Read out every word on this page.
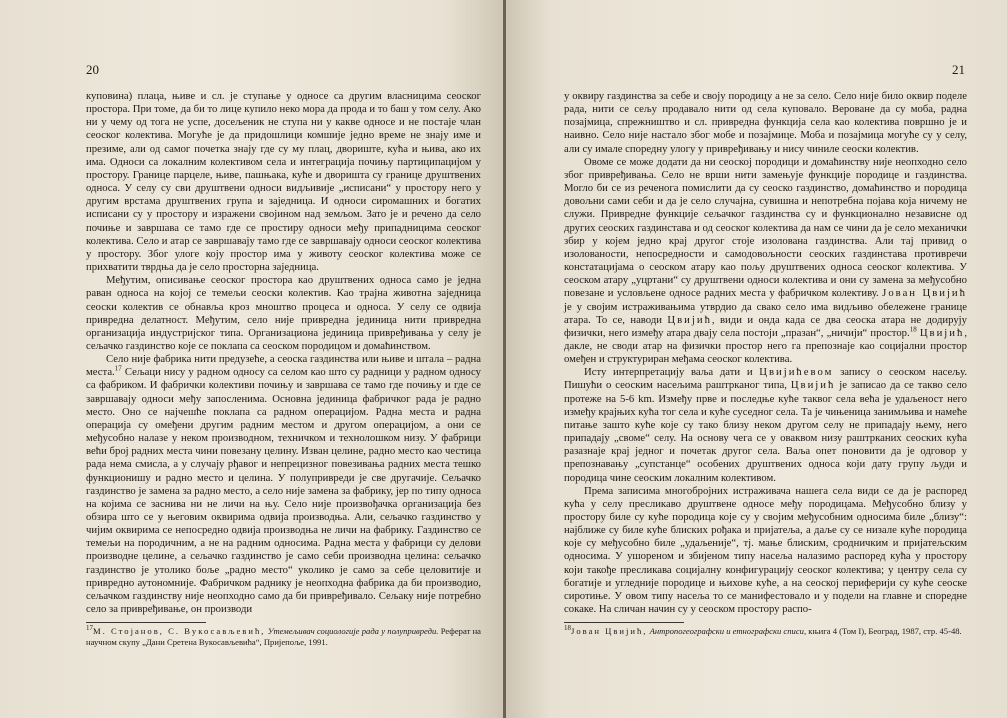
20

куповина) плаца, њиве и сл. је ступање у односе са другим власницима сеоског простора. При томе, да би то лице купило неко мора да прода и то баш у том селу. Ако ни у чему од тога не успе, досељеник не ступа ни у какве односе и не постаје члан сеоског колектива. Могуће је да придошлици комшије једно време не знају име и презиме, али од самог почетка знају где су му плац, двориште, кућа и њива, ако их има. Односи са локалним колективом села и интеграција почињу партиципацијом у простору. Границе парцеле, њиве, пашњака, куће и дворишта су границе друштвених односа. У селу су сви друштвени односи видљивије „исписани“ у простору него у другим врстама друштвених група и заједница. И односи сиромашних и богатих исписани су у простору и изражени својином над земљом. Зато је и речено да село почиње и завршава се тамо где се простиру односи међу припадницима сеоског колектива. Село и атар се завршавају тамо где се завршавају односи сеоског колектива у простору. Због улоге коју простор има у животу сеоског колектива може се прихватити тврдња да је село просторна заједница.

Међутим, описивање сеоског простора као друштвених односа само је једна раван односа на којој се темељи сеоски колектив. Као трајна животна заједница сеоски колектив се обнавља кроз мноштво процеса и односа. У селу се одвија привредна делатност. Међутим, село није привредна јединица нити привредна организација индустријског типа. Организациона јединица привређивања у селу је сељачко газдинство које се поклапа са сеоском породицом и домаћинством.

Село није фабрика нити предузеће, а сеоска газдинства или њиве и штала – радна места.$^{17}$ Сељаци нису у радном односу са селом као што су радници у радном односу са фабриком. И фабрички колективи почињу и завршава се тамо где почињу и где се завршавају односи међу запосленима. Основна јединица фабричког рада је радно место. Оно се најчешће поклапа са радном операцијом. Радна места и радна операција су омеђени другим радним местом и другом операцијом, а они се међусобно налазе у неком производном, техничком и технолошком низу. У фабрици већи број радних места чини повезану целину. Изван целине, радно место као честица рада нема смисла, а у случају рђавог и непрецизног повезивања радних места тешко функционишу и радно место и целина. У полупривреди је све другачије. Сељачко газдинство је замена за радно место, а село није замена за фабрику, јер по типу односа на којима се заснива ни не личи на њу. Село није произвођачка организација без обзира што се у његовим оквирима одвија производња. Али, сељачко газдинство у чијим оквирима се непосредно одвија производња не личи на фабрику. Газдинство се темељи на породичним, а не на радним односима. Радна места у фабрици су делови производне целине, а сељачко газдинство је само себи производна целина: сељачко газдинство је утолико боље „радно место“ уколико је само за себе целовитије и привредно аутономније. Фабричком раднику је неопходна фабрика да би производио, сељачком газдинству није неопходно само да би привређивало. Сељаку није потребно село за привређивање, он производи

$^{17}$М. Стојанов, С. Вукосављевић, Утемељивач социологије рада у полупривреди. Реферат на научном скупу „Дани Сретена Вукосављевића“, Пријепоље, 1991.

21

у оквиру газдинства за себе и своју породицу а не за село. Село није било оквир поделе рада, нити се сељу продавало нити од села куповало. Вероване да су моба, радна позајмица, спрежништво и сл. привредна функција села као колектива површно је и наивно. Село није настало због мобе и позајмице. Моба и позајмица могуће су у селу, али су имале споредну улогу у привређивању и нису чиниле сеоски колектив.

Овоме се може додати да ни сеоској породици и домаћинству није неопходно село због привређивања. Село не врши нити замењује функције породице и газдинства. Могло би се из реченога помислити да су сеоско газдинство, домаћинство и породица довољни сами себи и да је село случајна, сувишна и непотребна појава која ничему не служи. Привредне функције сељачког газдинства су и функционално независне од других сеоских газдинстава и од сеоског колектива да нам се чини да је село механички збир у којем једно крај другог стоје изолована газдинства. Али тај привид о изолованости, непосредности и самодовољности сеоских газдинстава противречи констатацијама о сеоском атару као пољу друштвених односа сеоског колектива. У сеоском атару „уцртани“ су друштвени односи колектива и они су замена за међусобно повезане и условљене односе радних места у фабричком колективу. Јован Цвијић је у своjим истраживањима утврдио да свако село има видљиво обележене границе атара. То се, наводи Цвијић, види и онда када се два сеоска атара не додирују физички, него између атара двају села постоји „празан“, „ничији“ простор.$^{18}$ Цвијић, дакле, не своди атар на физички простор него га препознаје као социјални простор омеђен и структуриран међама сеоског колектива.

Исту интерпретацију ваља дати и Цвијићевом запису о сеоском насељу. Пишући о сеоским насељима раштрканог типа, Цвијић је записао да се такво село протеже на 5-6 km. Између прве и последње куће таквог села већа је удаљеност него између крајњих кућа тог села и куће суседног села. Та је чињеница занимљива и намеће питање зашто куће које су тако близу неком другом селу не припадају њему, него припадају „своме“ селу. На основу чега се у оваквом низу раштрканих сеоских кућа разазнаје крај једног и почетак другог села. Ваља опет поновити да је одговор у препознавању „супстанце“ особених друштвених односа који дату групу људи и породица чине сеоским локалним колективом.

Према записима многобројних истраживача нашега села види се да је распоред кућа у селу пресликаво друштвене односе међу породицама. Међусобно близу у простору биле су куће породица које су у својим међусобним односима биле „близу“: најближе су биле куће блиских рођака и пријатеља, а даље су се низале куће породица које су међусобно биле „удаљеније“, тј. мање блиским, сродничким и пријатељским односима. У ушореном и збијеном типу насеља налазимо распоред кућа у простору који такође пресликава социјалну конфигурацију сеоског колектива; у центру села су богатије и угледније породице и њихове куће, а на сеоској периферији су куће сеоске сиротиње. У овом типу насеља то се манифестовало и у подели на главне и споредне сокаке. На сличан начин су у сеоском простору распо-

$^{18}$Јован Цвијић, Антропогеографски и етнографски списи, књига 4 (Том I), Београд, 1987, стр. 45-48.
